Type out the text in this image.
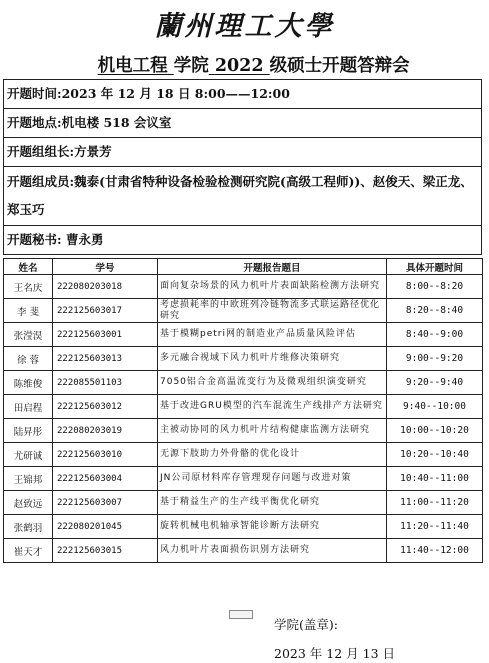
蘭州理工大學
机电工程 学院 2022 级硕士开题答辩会
开题时间:2023 年 12 月 18 日 8:00——12:00
开题地点:机电楼 518 会议室
开题组组长:方景芳
开题组成员:魏泰(甘肃省特种设备检验检测研究院(高级工程师))、赵俊天、梁正龙、郑玉巧
开题秘书: 曹永勇
姓名	学号	开题报告题目	具体开题时间
王名庆	222080203018	面向复杂场景的风力机叶片表面缺陷检测方法研究	8:00--8:20
李 斐	222125603017	考虑损耗率的中欧班列冷链物流多式联运路径优化研究	8:20--8:40
张滢淏	222125603001	基于模糊petri网的制造业产品质量风险评估	8:40--9:00
徐 蓉	222125603013	多元融合视域下风力机叶片维修决策研究	9:00--9:20
陈维俊	222085501103	7050铝合金高温流变行为及微观组织演变研究	9:20--9:40
田启程	222125603012	基于改进GRU模型的汽车混流生产线排产方法研究	9:40--10:00
陆昇彤	222080203019	主被动协同的风力机叶片结构健康监测方法研究	10:00--10:20
尤研诚	222125603010	无源下肢助力外骨骼的优化设计	10:20--10:40
王锦邦	222125603004	JN公司原材料库存管理现存问题与改进对策	10:40--11:00
赵致远	222125603007	基于精益生产的生产线平衡优化研究	11:00--11:20
张鹤羽	222080201045	旋转机械电机轴承智能诊断方法研究	11:20--11:40
崔天才	222125603015	风力机叶片表面损伤识别方法研究	11:40--12:00
学院(盖章):
2023 年 12 月 13 日
